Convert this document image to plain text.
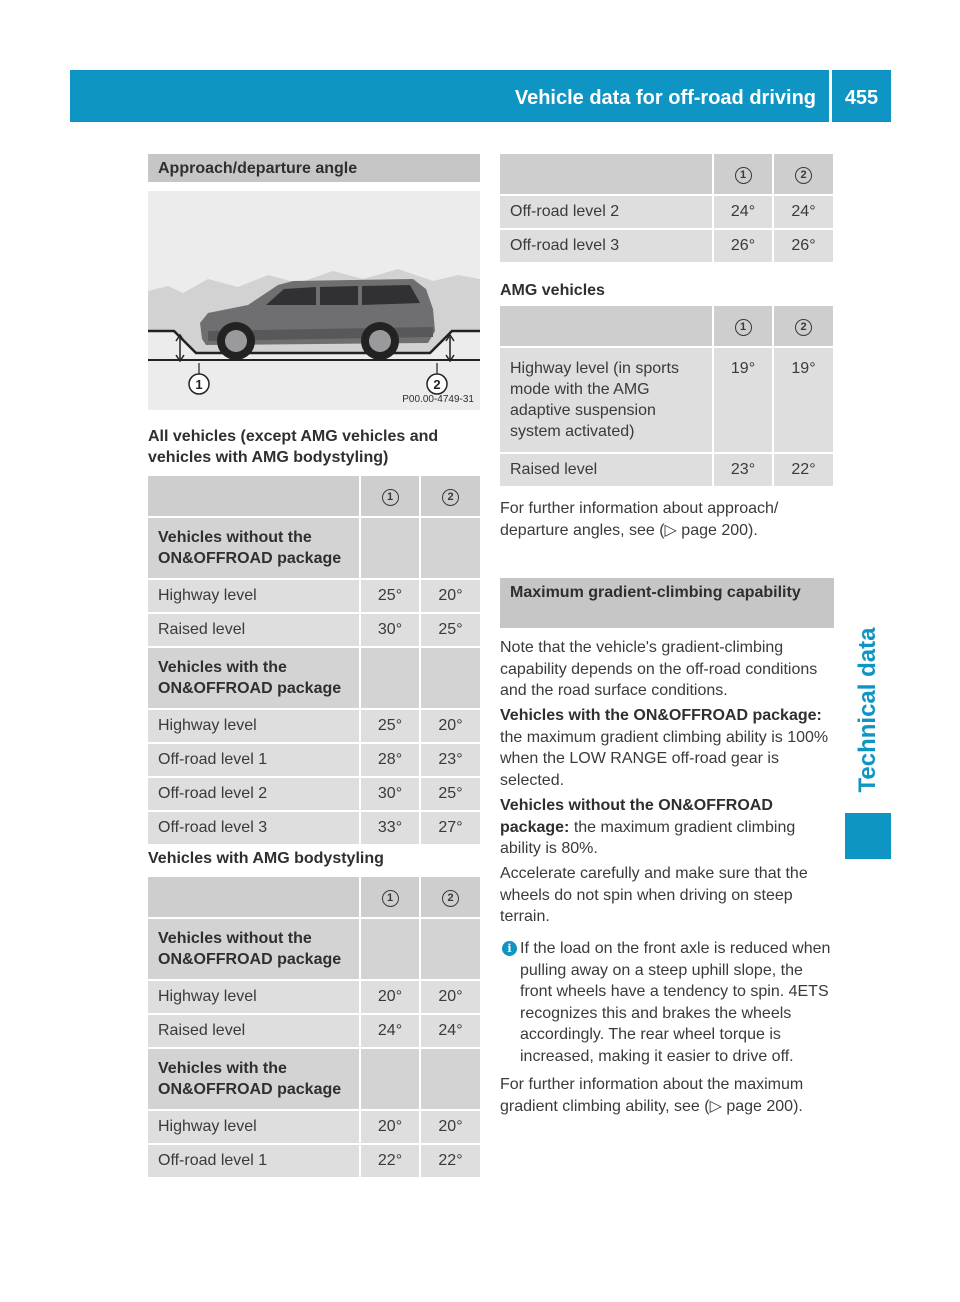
Vehicle data for off-road driving	455
Technical data
Approach/departure angle
1	2
P00.00-4749-31
All vehicles (except AMG vehicles and vehicles with AMG bodystyling)
	1	2
Vehicles without the ON&OFFROAD package		
Highway level	25°	20°
Raised level	30°	25°
Vehicles with the ON&OFFROAD package		
Highway level	25°	20°
Off-road level 1	28°	23°
Off-road level 2	30°	25°
Off-road level 3	33°	27°
Vehicles with AMG bodystyling
	1	2
Vehicles without the ON&OFFROAD package		
Highway level	20°	20°
Raised level	24°	24°
Vehicles with the ON&OFFROAD package		
Highway level	20°	20°
Off-road level 1	22°	22°
	1	2
Off-road level 2	24°	24°
Off-road level 3	26°	26°
AMG vehicles
	1	2
Highway level (in sports mode with the AMG adaptive suspension system activated)	19°	19°
Raised level	23°	22°
For further information about approach/ departure angles, see (▷ page 200).
Maximum gradient-climbing capability
Note that the vehicle's gradient-climbing capability depends on the off-road conditions and the road surface conditions.
Vehicles with the ON&OFFROAD package: the maximum gradient climbing ability is 100% when the LOW RANGE off-road gear is selected.
Vehicles without the ON&OFFROAD package: the maximum gradient climbing ability is 80%.
Accelerate carefully and make sure that the wheels do not spin when driving on steep terrain.
i If the load on the front axle is reduced when pulling away on a steep uphill slope, the front wheels have a tendency to spin. 4ETS recognizes this and brakes the wheels accordingly. The rear wheel torque is increased, making it easier to drive off.
For further information about the maximum gradient climbing ability, see (▷ page 200).
